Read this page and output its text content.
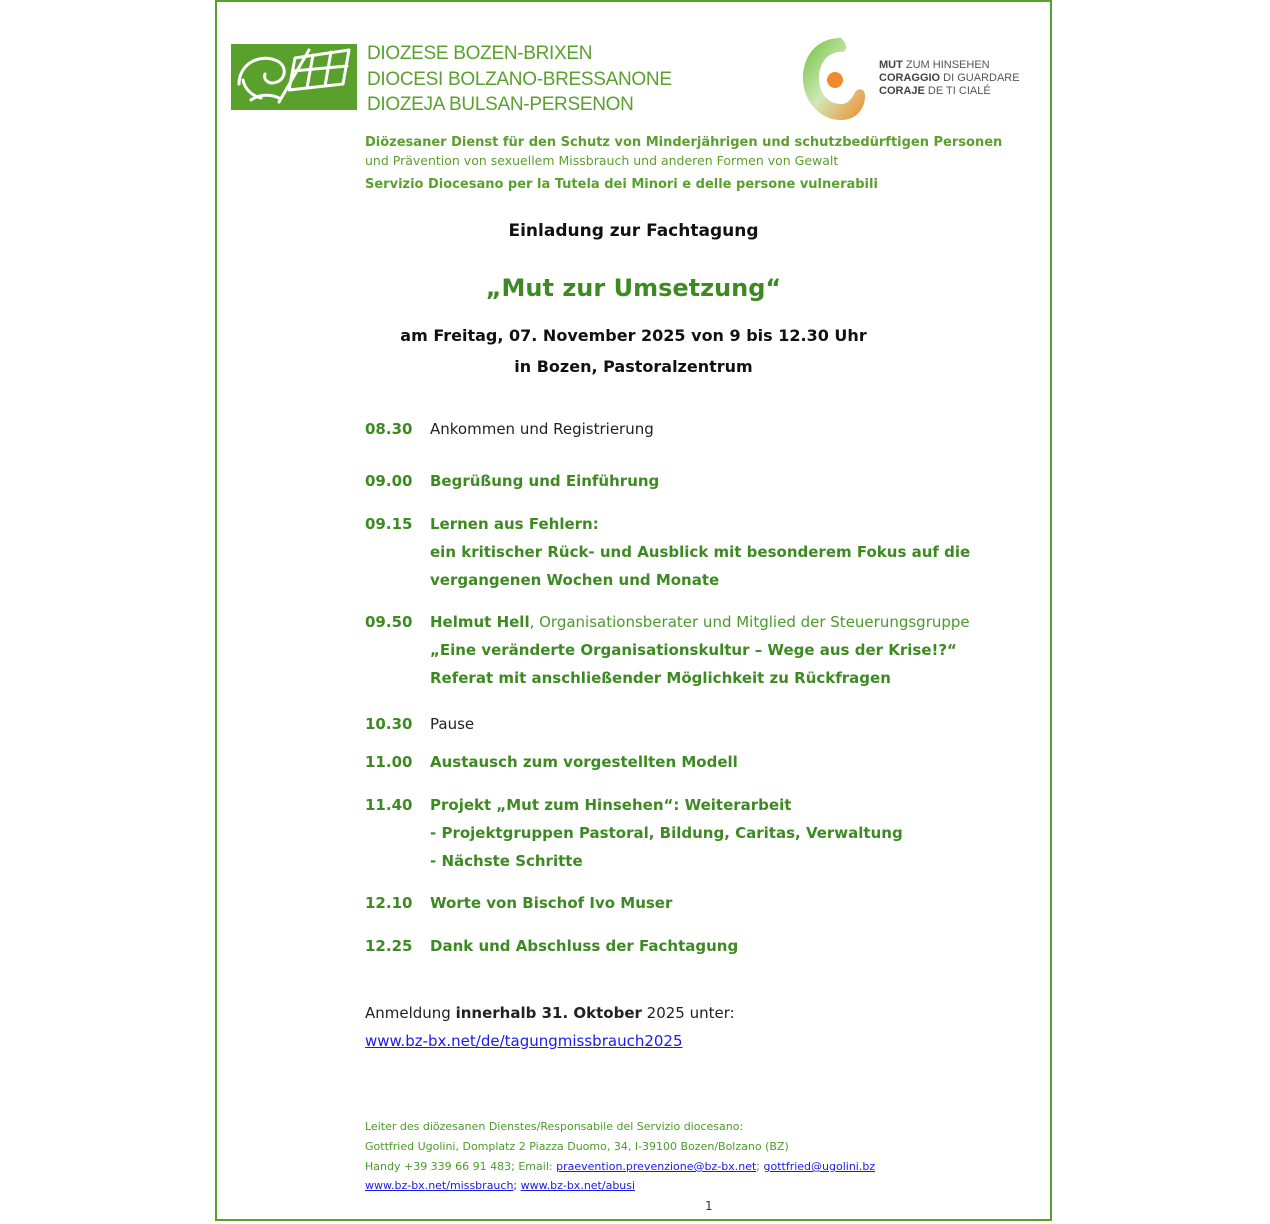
DIOZESE BOZEN-BRIXEN
DIOCESI BOLZANO-BRESSANONE
DIOZEJA BULSAN-PERSENON
MUT ZUM HINSEHEN
CORAGGIO DI GUARDARE
CORAJE DE TI CIALÉ
Diözesaner Dienst für den Schutz von Minderjährigen und schutzbedürftigen Personen
und Prävention von sexuellem Missbrauch und anderen Formen von Gewalt
Servizio Diocesano per la Tutela dei Minori e delle persone vulnerabili
Einladung zur Fachtagung
„Mut zur Umsetzung“
am Freitag, 07. November 2025 von 9 bis 12.30 Uhr
in Bozen, Pastoralzentrum
08.30 Ankommen und Registrierung
09.00 Begrüßung und Einführung
09.15 Lernen aus Fehlern:
ein kritischer Rück- und Ausblick mit besonderem Fokus auf die
vergangenen Wochen und Monate
09.50 Helmut Hell, Organisationsberater und Mitglied der Steuerungsgruppe
„Eine veränderte Organisationskultur – Wege aus der Krise!?“
Referat mit anschließender Möglichkeit zu Rückfragen
10.30 Pause
11.00 Austausch zum vorgestellten Modell
11.40 Projekt „Mut zum Hinsehen“: Weiterarbeit
- Projektgruppen Pastoral, Bildung, Caritas, Verwaltung
- Nächste Schritte
12.10 Worte von Bischof Ivo Muser
12.25 Dank und Abschluss der Fachtagung
Anmeldung innerhalb 31. Oktober 2025 unter:
www.bz-bx.net/de/tagungmissbrauch2025
Leiter des diözesanen Dienstes/Responsabile del Servizio diocesano:
Gottfried Ugolini, Domplatz 2 Piazza Duomo, 34, I-39100 Bozen/Bolzano (BZ)
Handy +39 339 66 91 483; Email: praevention.prevenzione@bz-bx.net; gottfried@ugolini.bz
www.bz-bx.net/missbrauch; www.bz-bx.net/abusi
1
